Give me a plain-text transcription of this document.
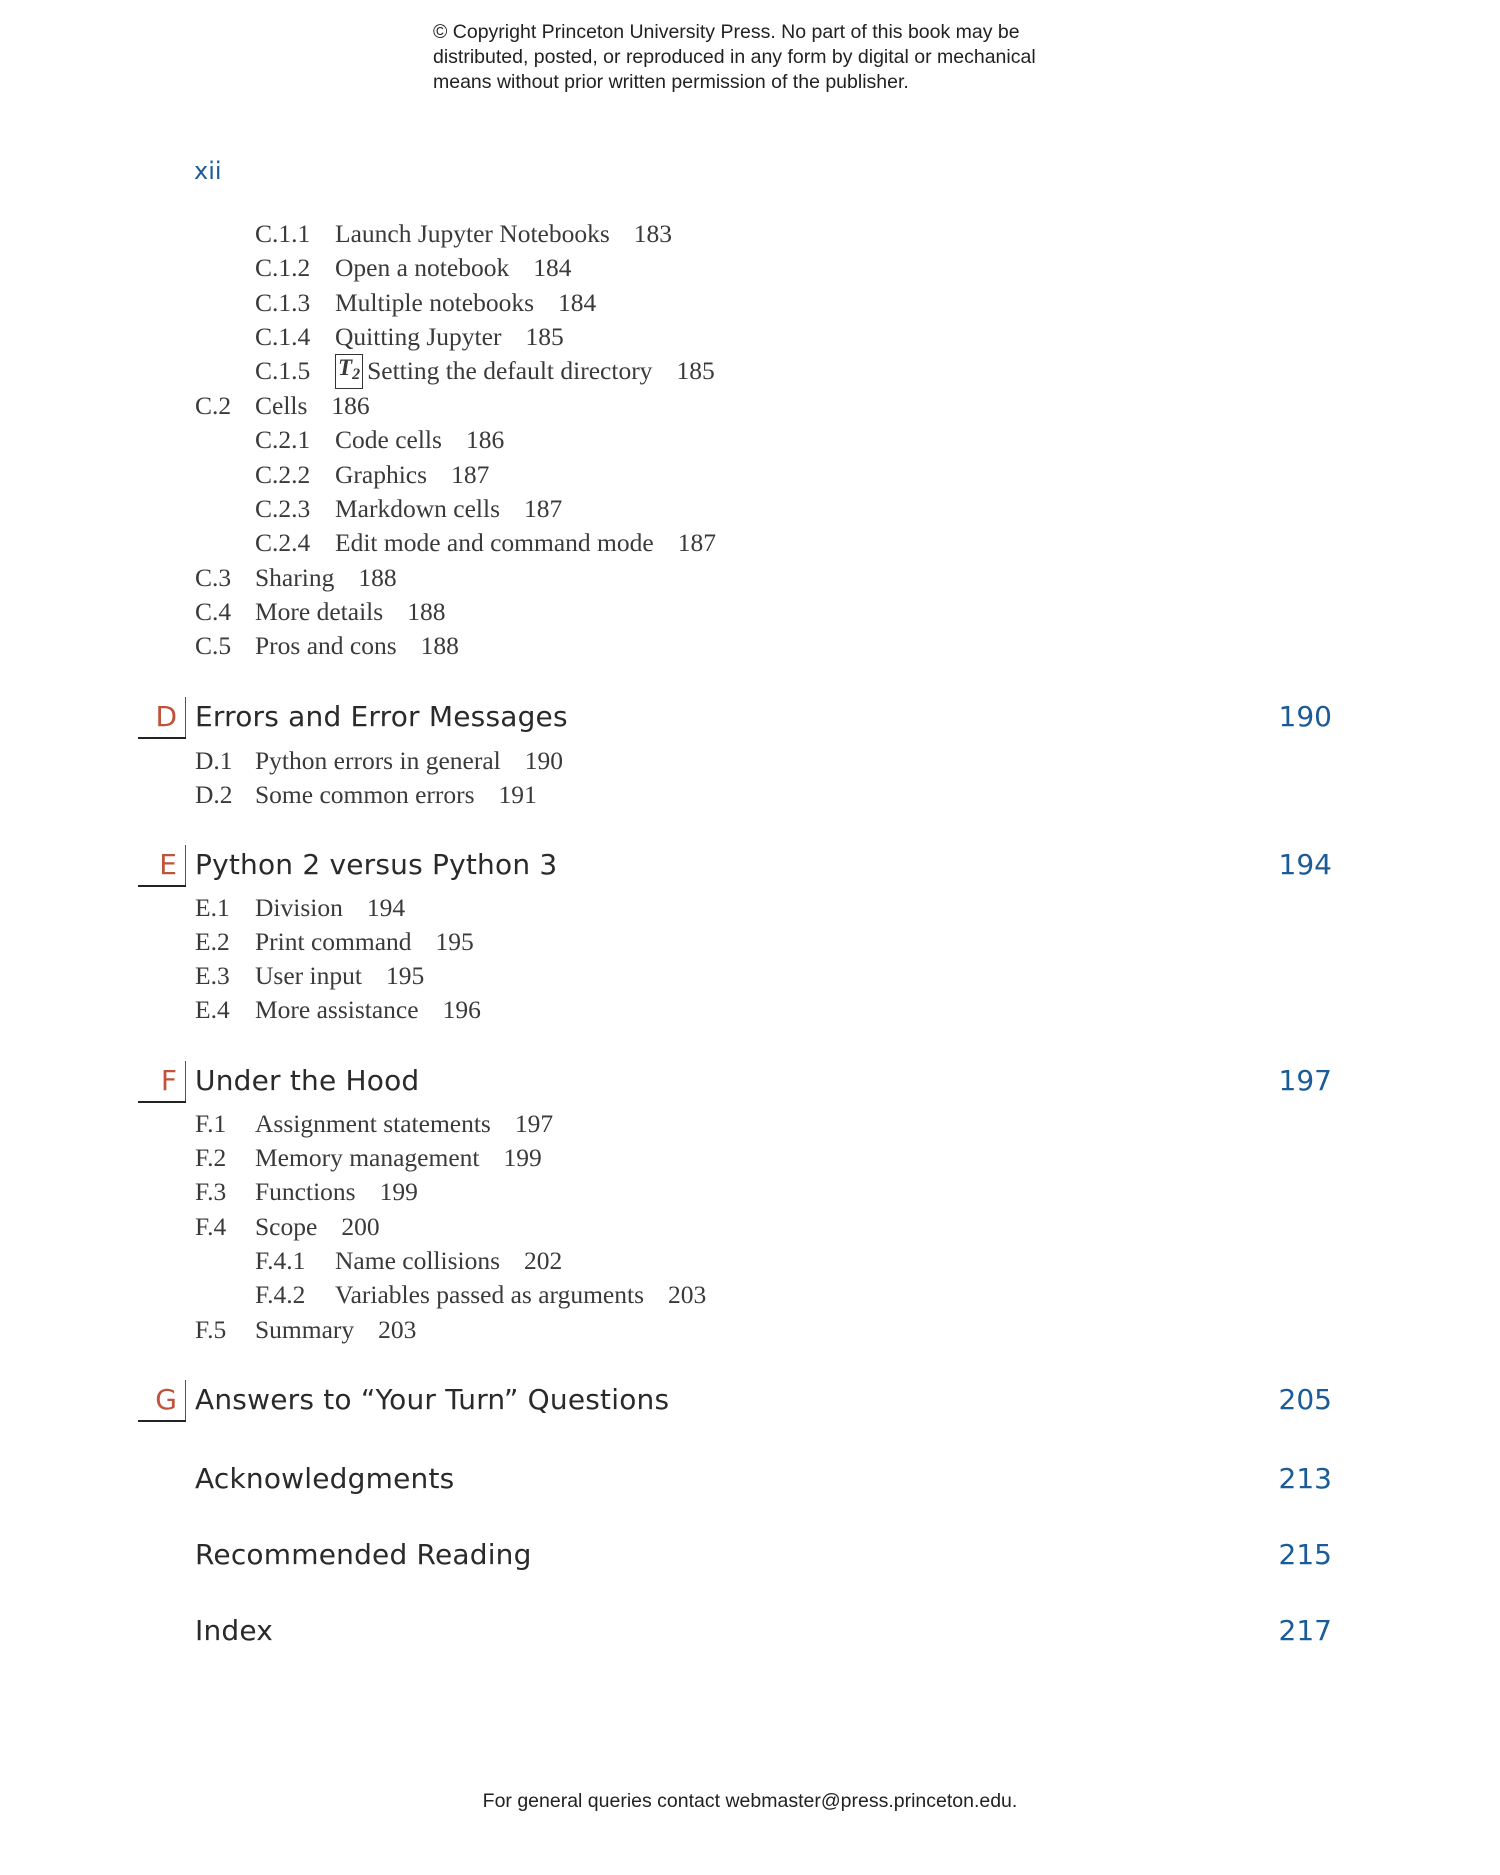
© Copyright Princeton University Press. No part of this book may be
distributed, posted, or reproduced in any form by digital or mechanical
means without prior written permission of the publisher.
xii
C.1.1 Launch Jupyter Notebooks 183
C.1.2 Open a notebook 184
C.1.3 Multiple notebooks 184
C.1.4 Quitting Jupyter 185
C.1.5 $T_2$ Setting the default directory 185
C.2 Cells 186
C.2.1 Code cells 186
C.2.2 Graphics 187
C.2.3 Markdown cells 187
C.2.4 Edit mode and command mode 187
C.3 Sharing 188
C.4 More details 188
C.5 Pros and cons 188
D Errors and Error Messages	190
D.1 Python errors in general 190
D.2 Some common errors 191
E Python 2 versus Python 3	194
E.1 Division 194
E.2 Print command 195
E.3 User input 195
E.4 More assistance 196
F Under the Hood	197
F.1 Assignment statements 197
F.2 Memory management 199
F.3 Functions 199
F.4 Scope 200
F.4.1 Name collisions 202
F.4.2 Variables passed as arguments 203
F.5 Summary 203
G Answers to “Your Turn” Questions	205
Acknowledgments	213
Recommended Reading	215
Index	217
For general queries contact webmaster@press.princeton.edu.
